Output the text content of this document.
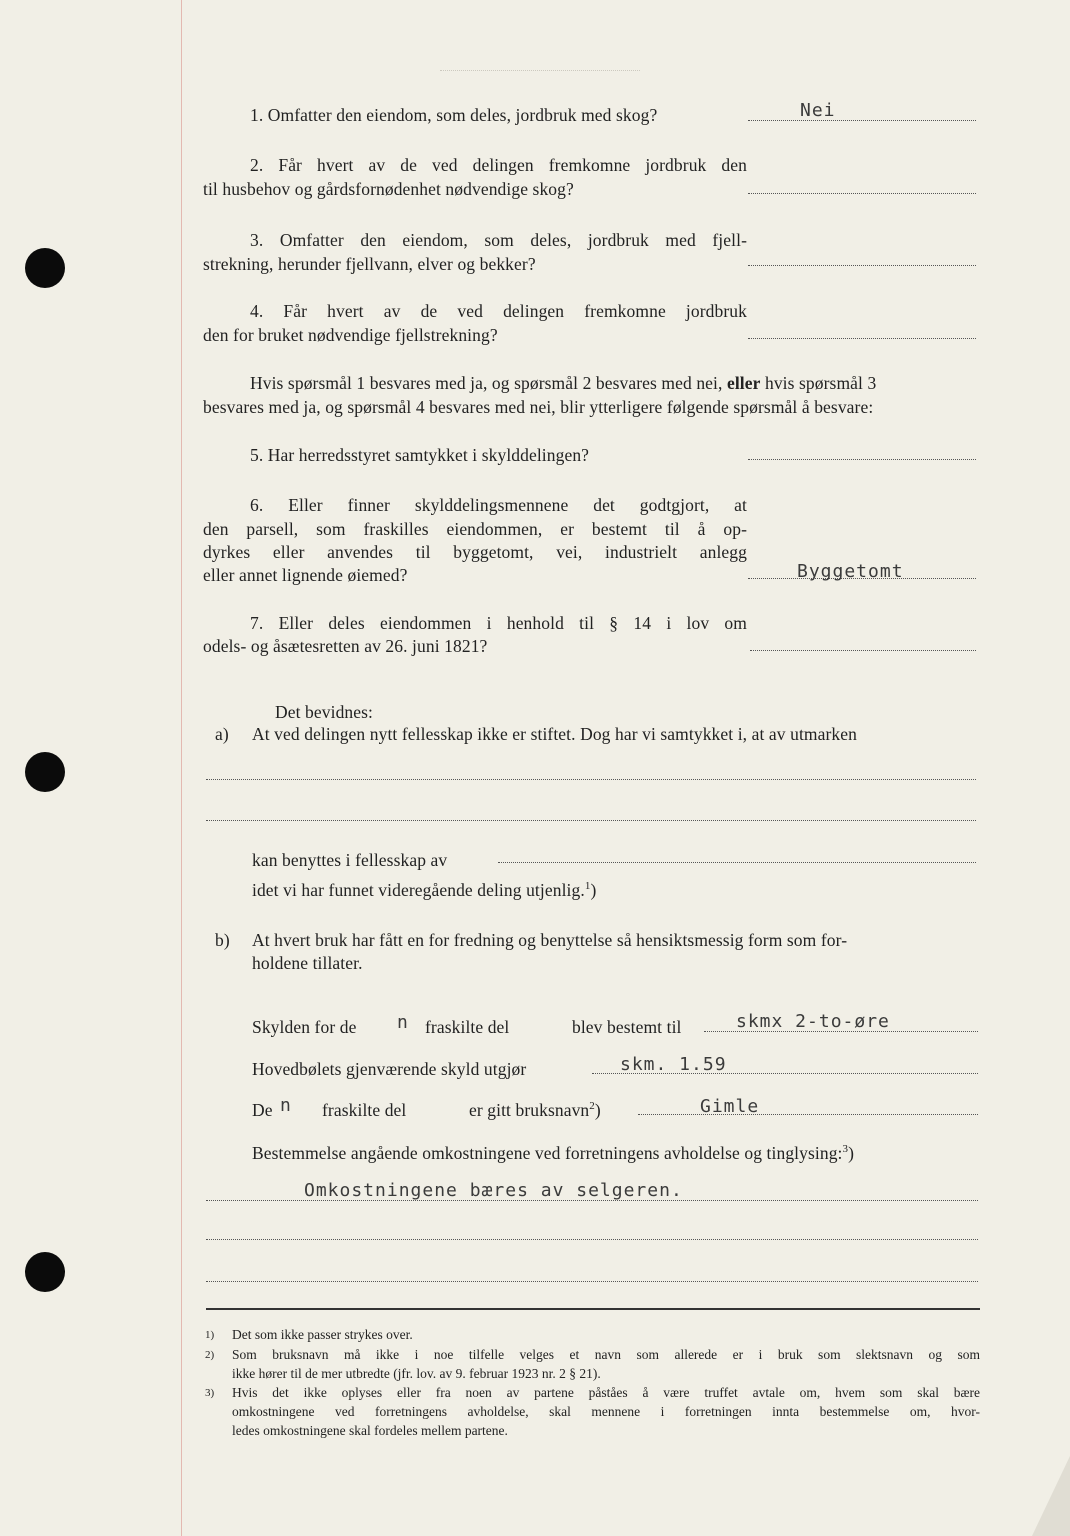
1. Omfatter den eiendom, som deles, jordbruk med skog?	Nei
2. Får hvert av de ved delingen fremkomne jordbruk den
til husbehov og gårdsfornødenhet nødvendige skog?
3. Omfatter den eiendom, som deles, jordbruk med fjell-
strekning, herunder fjellvann, elver og bekker?
4. Får hvert av de ved delingen fremkomne jordbruk
den for bruket nødvendige fjellstrekning?
Hvis spørsmål 1 besvares med ja, og spørsmål 2 besvares med nei, eller hvis spørsmål 3
besvares med ja, og spørsmål 4 besvares med nei, blir ytterligere følgende spørsmål å besvare:
5. Har herredsstyret samtykket i skylddelingen?
6. Eller finner skylddelingsmennene det godtgjort, at
den parsell, som fraskilles eiendommen, er bestemt til å op-
dyrkes eller anvendes til byggetomt, vei, industrielt anlegg
eller annet lignende øiemed?	Byggetomt
7. Eller deles eiendommen i henhold til § 14 i lov om
odels- og åsætesretten av 26. juni 1821?
Det bevidnes:
a) At ved delingen nytt fellesskap ikke er stiftet. Dog har vi samtykket i, at av utmarken
kan benyttes i fellesskap av
idet vi har funnet videregående deling utjenlig.$^1$)
b) At hvert bruk har fått en for fredning og benyttelse så hensiktsmessig form som for-
holdene tillater.
Skylden for de n fraskilte del	blev bestemt til	skmx 2-to-øre
Hovedbølets gjenværende skyld utgjør	skm. 1.59
De n fraskilte del	er gitt bruksnavn$^2$)	Gimle
Bestemmelse angående omkostningene ved forretningens avholdelse og tinglysing:$^3$)
Omkostningene bæres av selgeren.
1) Det som ikke passer strykes over.
2) Som bruksnavn må ikke i noe tilfelle velges et navn som allerede er i bruk som slektsnavn og som
ikke hører til de mer utbredte (jfr. lov. av 9. februar 1923 nr. 2 § 21).
3) Hvis det ikke oplyses eller fra noen av partene påståes å være truffet avtale om, hvem som skal bære
omkostningene ved forretningens avholdelse, skal mennene i forretningen innta bestemmelse om, hvor-
ledes omkostningene skal fordeles mellem partene.
